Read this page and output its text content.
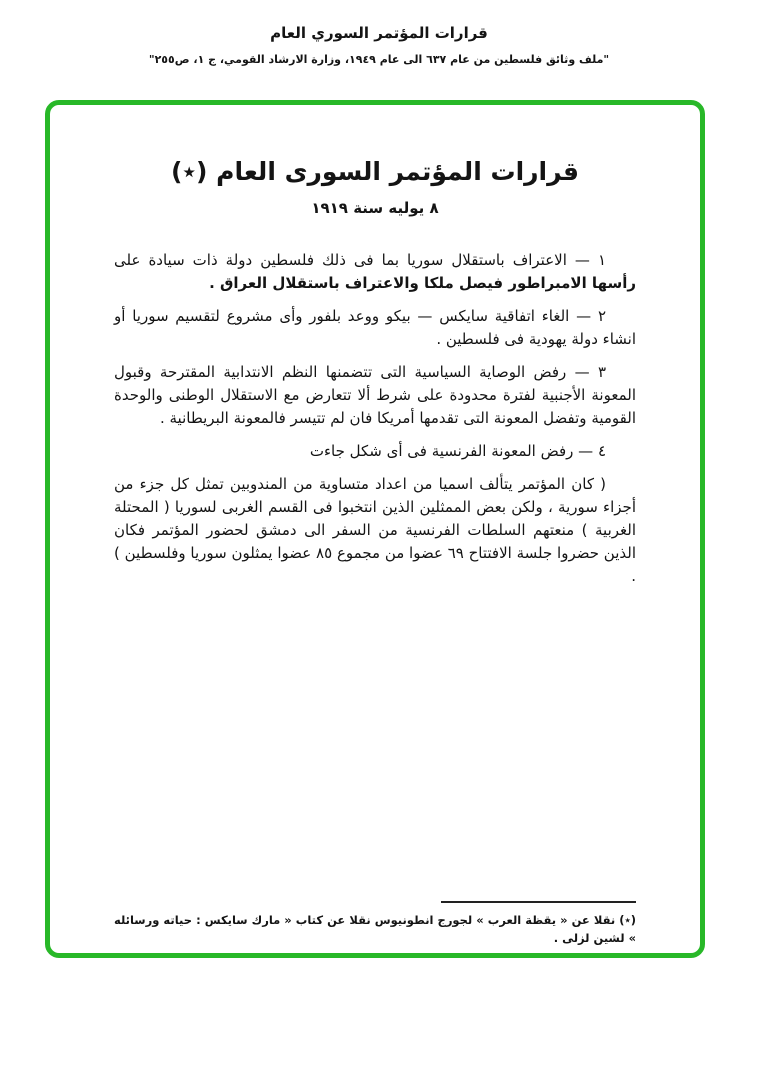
قرارات المؤتمر السوري العام
"ملف وثائق فلسطين من عام ٦٣٧ الى عام ١٩٤٩، وزارة الارشاد القومي، ج ١، ص٢٥٥"
قرارات المؤتمر السورى العام (٭)
٨ يوليه سنة ١٩١٩

١ — الاعتراف باستقلال سوريا بما فى ذلك فلسطين دولة ذات سيادة على رأسها الامبراطور فيصل ملكا والاعتراف باستقلال العراق .

٢ — الغاء اتفاقية سايكس — بيكو ووعد بلفور وأى مشروع لتقسيم سوريا أو انشاء دولة يهودية فى فلسطين .

٣ — رفض الوصاية السياسية التى تتضمنها النظم الانتدابية المقترحة وقبول المعونة الأجنبية لفترة محدودة على شرط ألا تتعارض مع الاستقلال الوطنى والوحدة القومية وتفضل المعونة التى تقدمها أمريكا فان لم تتيسر فالمعونة البريطانية .

٤ — رفض المعونة الفرنسية فى أى شكل جاءت

( كان المؤتمر يتألف اسميا من اعداد متساوية من المندوبين تمثل كل جزء من أجزاء سورية ، ولكن بعض الممثلين الذين انتخبوا فى القسم الغربى لسوريا ( المحتلة الغربية ) منعتهم السلطات الفرنسية من السفر الى دمشق لحضور المؤتمر فكان الذين حضروا جلسة الافتتاح ٦٩ عضوا من مجموع ٨٥ عضوا يمثلون سوريا وفلسطين ) .

(٭) نقلا عن « يقظة العرب » لجورج انطونيوس نقلا عن كتاب « مارك سايكس : حياته ورسائله » لشين لزلى .
